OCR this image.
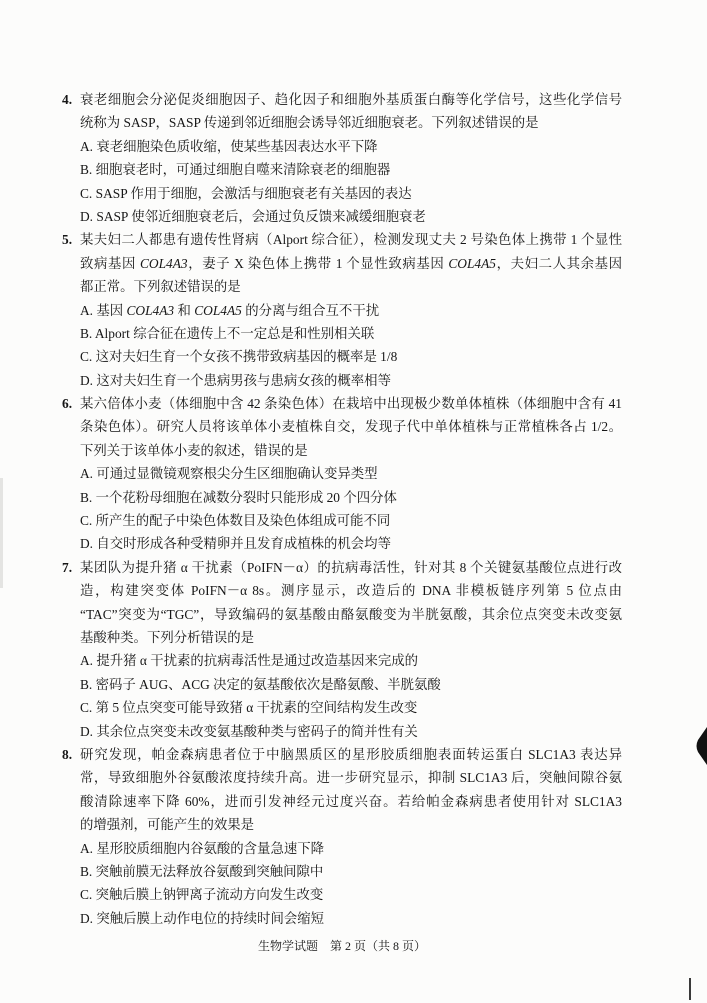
4. 衰老细胞会分泌促炎细胞因子、趋化因子和细胞外基质蛋白酶等化学信号，这些化学信号
统称为 SASP，SASP 传递到邻近细胞会诱导邻近细胞衰老。下列叙述错误的是
A. 衰老细胞染色质收缩，使某些基因表达水平下降
B. 细胞衰老时，可通过细胞自噬来清除衰老的细胞器
C. SASP 作用于细胞，会激活与细胞衰老有关基因的表达
D. SASP 使邻近细胞衰老后，会通过负反馈来减缓细胞衰老
5. 某夫妇二人都患有遗传性肾病（Alport 综合征），检测发现丈夫 2 号染色体上携带 1 个显性
致病基因 COL4A3，妻子 X 染色体上携带 1 个显性致病基因 COL4A5，夫妇二人其余基因
都正常。下列叙述错误的是
A. 基因 COL4A3 和 COL4A5 的分离与组合互不干扰
B. Alport 综合征在遗传上不一定总是和性别相关联
C. 这对夫妇生育一个女孩不携带致病基因的概率是 1/8
D. 这对夫妇生育一个患病男孩与患病女孩的概率相等
6. 某六倍体小麦（体细胞中含 42 条染色体）在栽培中出现极少数单体植株（体细胞中含有 41
条染色体）。研究人员将该单体小麦植株自交，发现子代中单体植株与正常植株各占 1/2。
下列关于该单体小麦的叙述，错误的是
A. 可通过显微镜观察根尖分生区细胞确认变异类型
B. 一个花粉母细胞在减数分裂时只能形成 20 个四分体
C. 所产生的配子中染色体数目及染色体组成可能不同
D. 自交时形成各种受精卵并且发育成植株的机会均等
7. 某团队为提升猪 α 干扰素（PoIFN－α）的抗病毒活性，针对其 8 个关键氨基酸位点进行改
造，构建突变体 PoIFN－α 8s。测序显示，改造后的 DNA 非模板链序列第 5 位点由
“TAC”突变为“TGC”，导致编码的氨基酸由酪氨酸变为半胱氨酸，其余位点突变未改变氨
基酸种类。下列分析错误的是
A. 提升猪 α 干扰素的抗病毒活性是通过改造基因来完成的
B. 密码子 AUG、ACG 决定的氨基酸依次是酪氨酸、半胱氨酸
C. 第 5 位点突变可能导致猪 α 干扰素的空间结构发生改变
D. 其余位点突变未改变氨基酸种类与密码子的简并性有关
8. 研究发现，帕金森病患者位于中脑黑质区的星形胶质细胞表面转运蛋白 SLC1A3 表达异
常，导致细胞外谷氨酸浓度持续升高。进一步研究显示，抑制 SLC1A3 后，突触间隙谷氨
酸清除速率下降 60%，进而引发神经元过度兴奋。若给帕金森病患者使用针对 SLC1A3
的增强剂，可能产生的效果是
A. 星形胶质细胞内谷氨酸的含量急速下降
B. 突触前膜无法释放谷氨酸到突触间隙中
C. 突触后膜上钠钾离子流动方向发生改变
D. 突触后膜上动作电位的持续时间会缩短
生物学试题　第 2 页（共 8 页）
